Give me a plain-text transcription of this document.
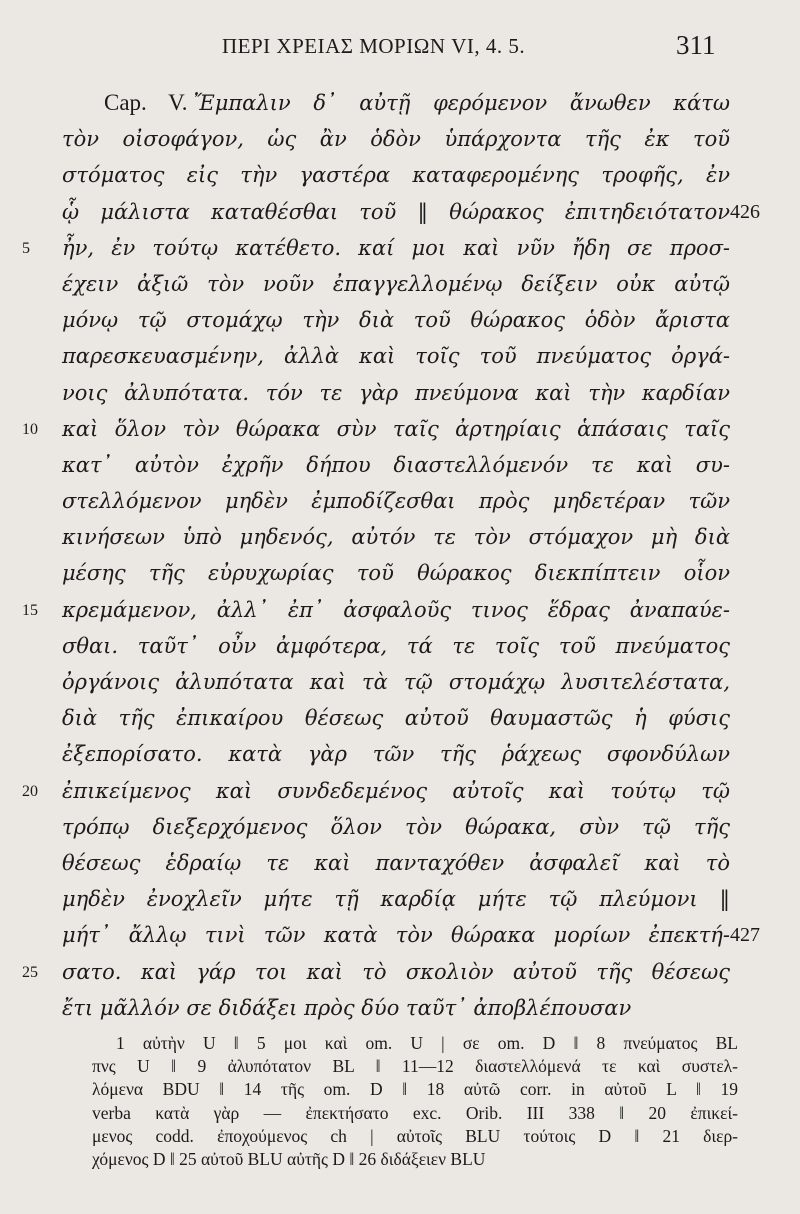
ΠΕΡΙ ΧΡΕΙΑΣ ΜΟΡΙΩΝ VI, 4. 5.	311
Cap. V. Ἔμπαλιν δ᾿ αὐτῇ φερόμενον ἄνωθεν κάτω
τὸν οἰσοφάγον, ὡς ἂν ὁδὸν ὑπάρχοντα τῆς ἐκ τοῦ
στόματος εἰς τὴν γαστέρα καταφερομένης τροφῆς, ἐν
ᾧ μάλιστα καταθέσθαι τοῦ ‖ θώρακος ἐπιτηδειότατον 426
5 ἦν, ἐν τούτῳ κατέθετο. καί μοι καὶ νῦν ἤδη σε προσ-
έχειν ἀξιῶ τὸν νοῦν ἐπαγγελλομένῳ δείξειν οὐκ αὐτῷ
μόνῳ τῷ στομάχῳ τὴν διὰ τοῦ θώρακος ὁδὸν ἄριστα
παρεσκευασμένην, ἀλλὰ καὶ τοῖς τοῦ πνεύματος ὀργά-
νοις ἀλυπότατα. τόν τε γὰρ πνεύμονα καὶ τὴν καρδίαν
10 καὶ ὅλον τὸν θώρακα σὺν ταῖς ἀρτηρίαις ἁπάσαις ταῖς
κατ᾿ αὐτὸν ἐχρῆν δήπου διαστελλόμενόν τε καὶ συ-
στελλόμενον μηδὲν ἐμποδίζεσθαι πρὸς μηδετέραν τῶν
κινήσεων ὑπὸ μηδενός, αὐτόν τε τὸν στόμαχον μὴ διὰ
μέσης τῆς εὐρυχωρίας τοῦ θώρακος διεκπίπτειν οἷον
15 κρεμάμενον, ἀλλ᾿ ἐπ᾿ ἀσφαλοῦς τινος ἕδρας ἀναπαύε-
σθαι. ταῦτ᾿ οὖν ἀμφότερα, τά τε τοῖς τοῦ πνεύματος
ὀργάνοις ἀλυπότατα καὶ τὰ τῷ στομάχῳ λυσιτελέστατα,
διὰ τῆς ἐπικαίρου θέσεως αὐτοῦ θαυμαστῶς ἡ φύσις
ἐξεπορίσατο. κατὰ γὰρ τῶν τῆς ῥάχεως σφονδύλων
20 ἐπικείμενος καὶ συνδεδεμένος αὐτοῖς καὶ τούτῳ τῷ
τρόπῳ διεξερχόμενος ὅλον τὸν θώρακα, σὺν τῷ τῆς
θέσεως ἑδραίῳ τε καὶ πανταχόθεν ἀσφαλεῖ καὶ τὸ
μηδὲν ἐνοχλεῖν μήτε τῇ καρδίᾳ μήτε τῷ πλεύμονι ‖
μήτ᾿ ἄλλῳ τινὶ τῶν κατὰ τὸν θώρακα μορίων ἐπεκτή- 427
25 σατο. καὶ γάρ τοι καὶ τὸ σκολιὸν αὐτοῦ τῆς θέσεως
ἔτι μᾶλλόν σε διδάξει πρὸς δύο ταῦτ᾿ ἀποβλέπουσαν
1 αὐτὴν U ‖ 5 μοι καὶ om. U | σε om. D ‖ 8 πνεύματος BL
πνς U ‖ 9 ἀλυπότατον BL ‖ 11—12 διαστελλόμενά τε καὶ συστελ-
λόμενα BDU ‖ 14 τῆς om. D ‖ 18 αὐτῶ corr. in αὐτοῦ L ‖ 19
verba κατὰ γὰρ — ἐπεκτήσατο exc. Orib. III 338 ‖ 20 ἐπικεί-
μενος codd. ἐποχούμενος ch | αὐτοῖς BLU τούτοις D ‖ 21 διερ-
χόμενος D ‖ 25 αὐτοῦ BLU αὐτῆς D ‖ 26 διδάξειεν BLU
